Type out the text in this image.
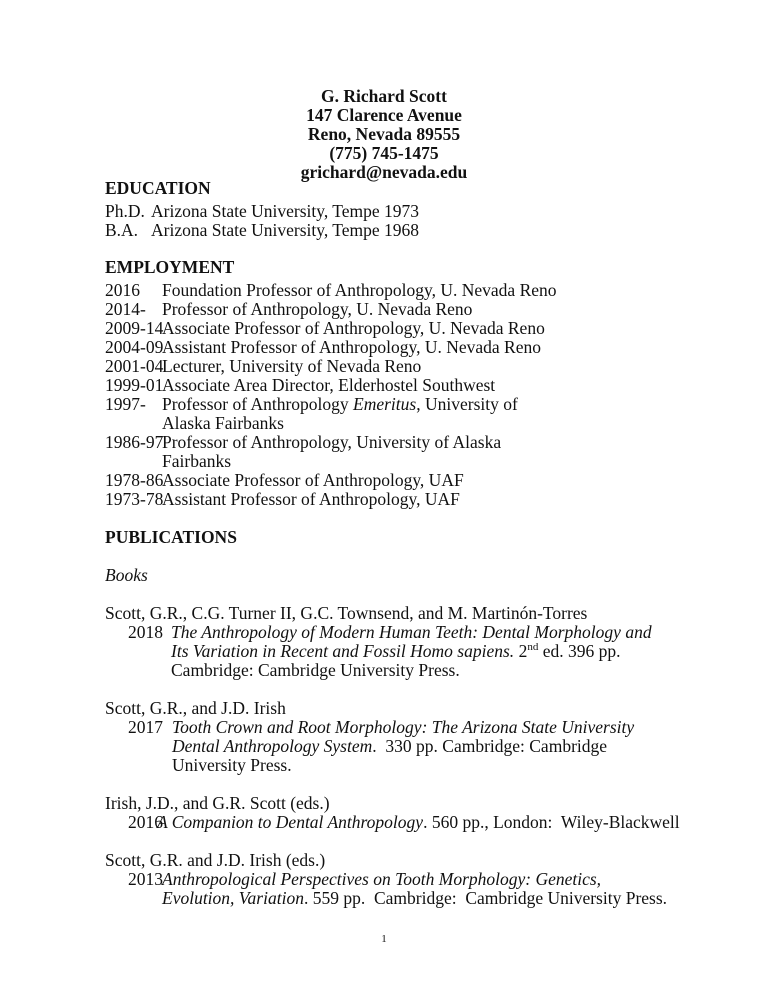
G. Richard Scott
147 Clarence Avenue
Reno, Nevada 89555
(775) 745-1475
grichard@nevada.edu
EDUCATION
Ph.D. Arizona State University, Tempe 1973
B.A. Arizona State University, Tempe 1968
EMPLOYMENT
2016 Foundation Professor of Anthropology, U. Nevada Reno
2014- Professor of Anthropology, U. Nevada Reno
2009-14
Associate Professor of Anthropology, U. Nevada Reno
2004-09
Assistant Professor of Anthropology, U. Nevada Reno
2001-04
Lecturer, University of Nevada Reno
1999-01
Associate Area Director, Elderhostel Southwest
1997- Professor of Anthropology Emeritus, University of
Alaska Fairbanks
1986-97
Professor of Anthropology, University of Alaska
Fairbanks
1978-86
Associate Professor of Anthropology, UAF
1973-78
Assistant Professor of Anthropology, UAF
PUBLICATIONS
Books
Scott, G.R., C.G. Turner II, G.C. Townsend, and M. Martinón-Torres
2018 The Anthropology of Modern Human Teeth: Dental Morphology and
Its Variation in Recent and Fossil Homo sapiens. 2nd ed. 396 pp.
Cambridge: Cambridge University Press.
Scott, G.R., and J.D. Irish
2017 Tooth Crown and Root Morphology: The Arizona State University
Dental Anthropology System.  330 pp. Cambridge: Cambridge
University Press.
Irish, J.D., and G.R. Scott (eds.)
2016
A Companion to Dental Anthropology. 560 pp., London:  Wiley-Blackwell
Scott, G.R. and J.D. Irish (eds.)
2013 Anthropological Perspectives on Tooth Morphology: Genetics,
Evolution, Variation. 559 pp.  Cambridge:  Cambridge University Press.
1
